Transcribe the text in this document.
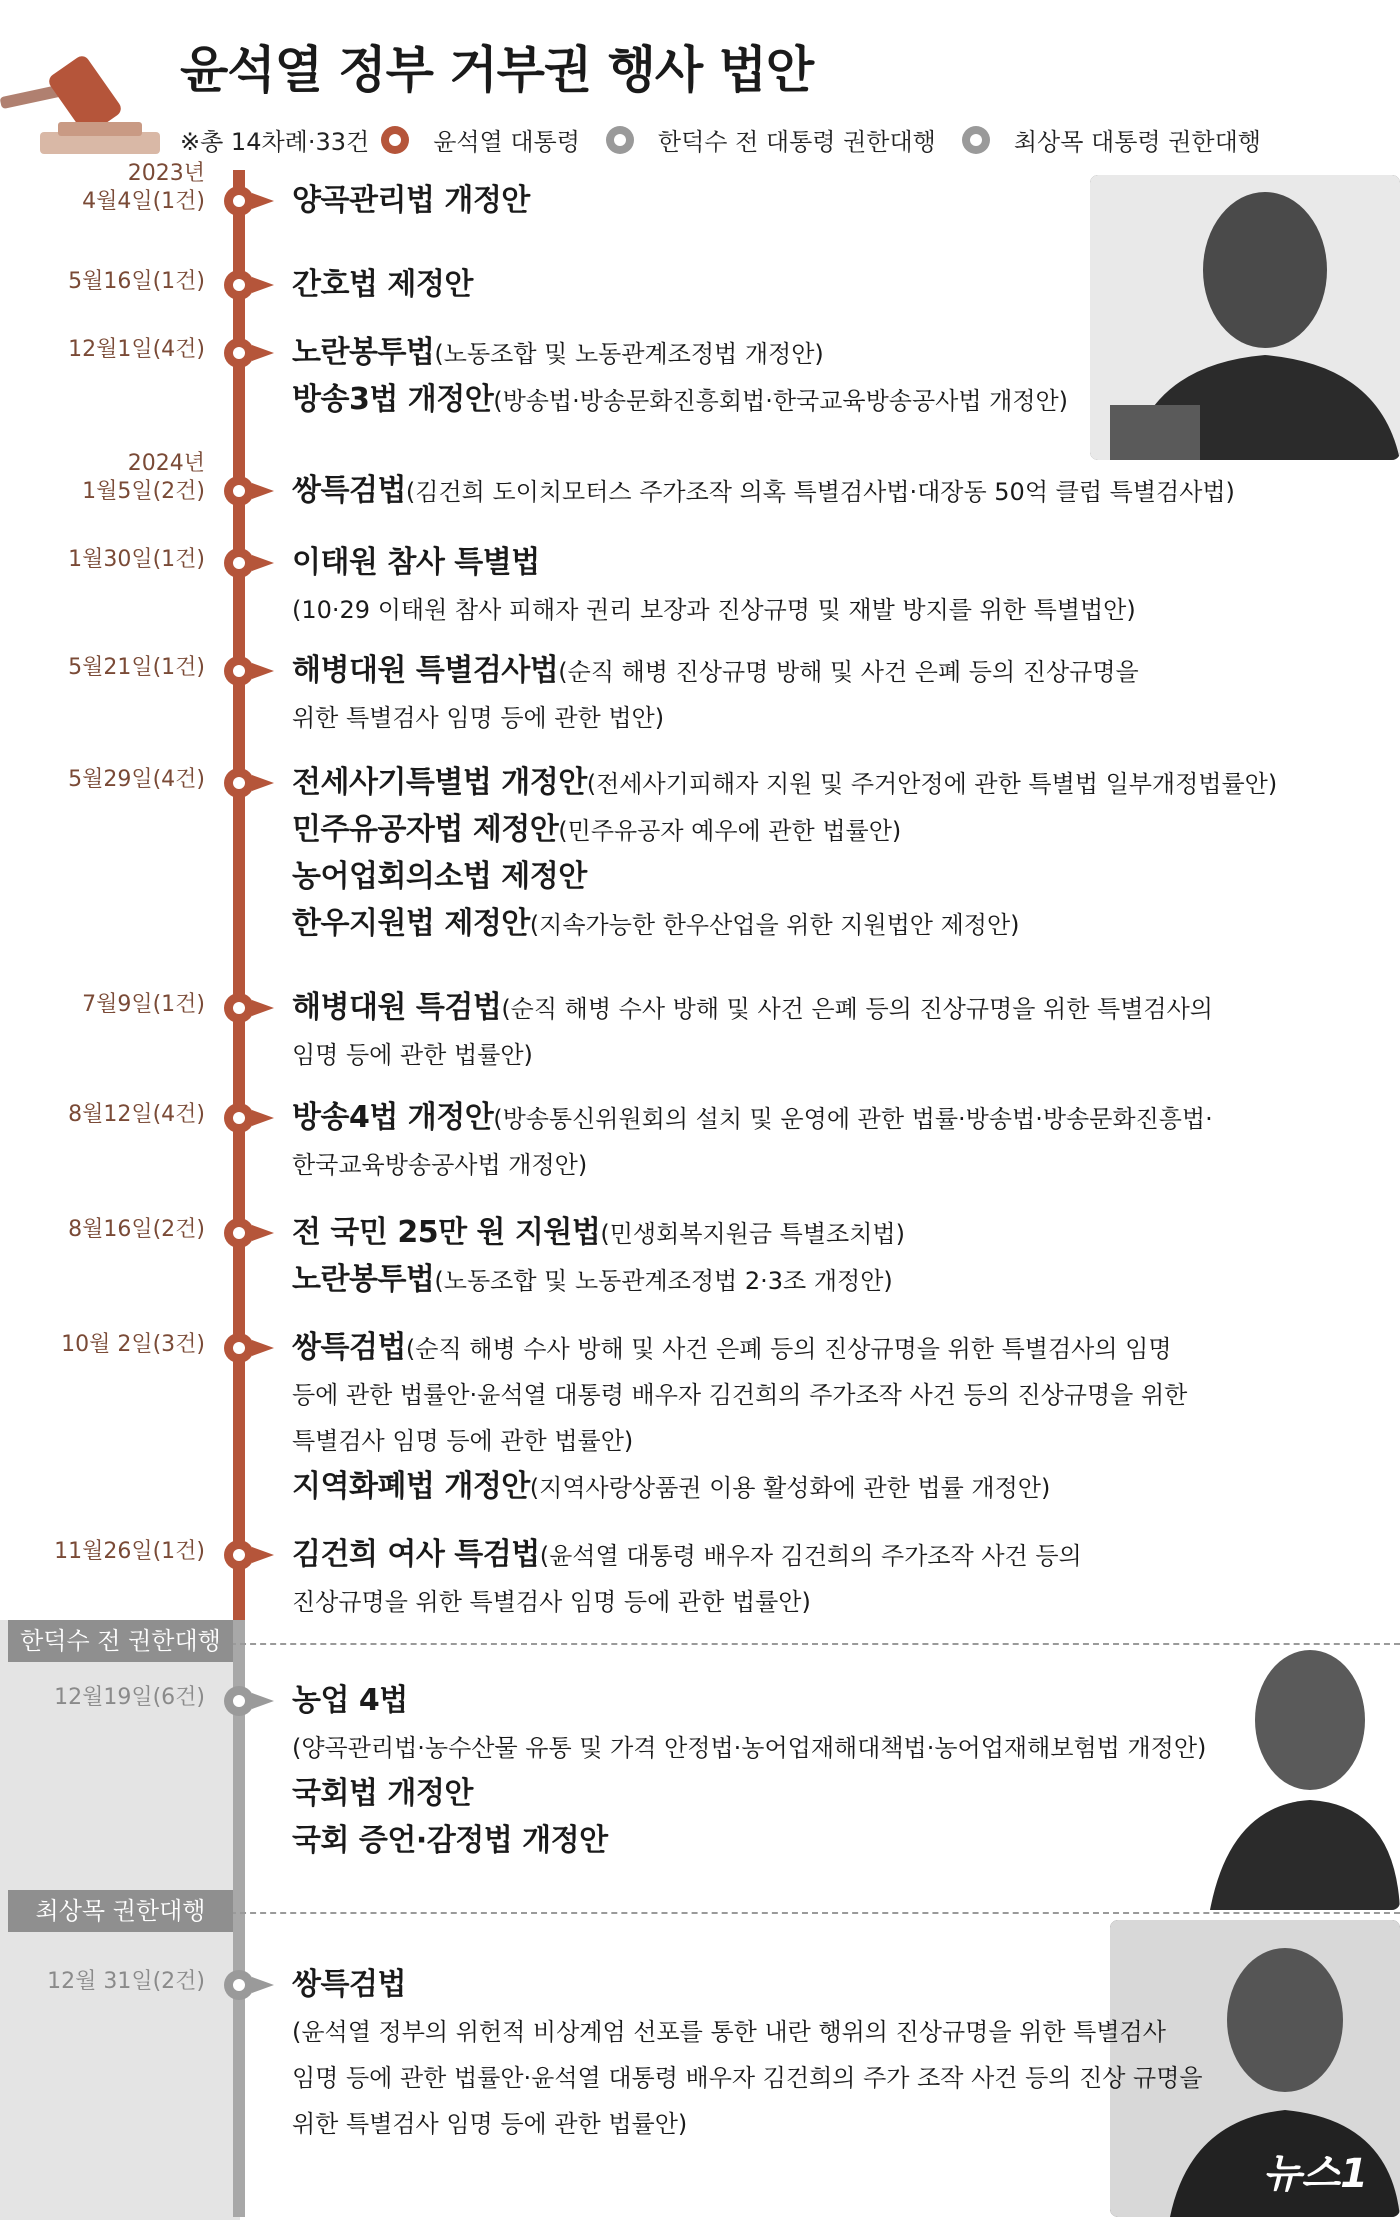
윤석열 정부 거부권 행사 법안
※총 14차례·33건	윤석열 대통령	한덕수 전 대통령 권한대행	최상목 대통령 권한대행
한덕수 전 권한대행
최상목 권한대행
뉴스1
2023년
4월4일(1건)	양곡관리법 개정안
5월16일(1건)	간호법 제정안
12월1일(4건)	노란봉투법(노동조합 및 노동관계조정법 개정안)
방송3법 개정안(방송법·방송문화진흥회법·한국교육방송공사법 개정안)
2024년
1월5일(2건)	쌍특검법(김건희 도이치모터스 주가조작 의혹 특별검사법·대장동 50억 클럽 특별검사법)
1월30일(1건)	이태원 참사 특별법
(10·29 이태원 참사 피해자 권리 보장과 진상규명 및 재발 방지를 위한 특별법안)
5월21일(1건)	해병대원 특별검사법(순직 해병 진상규명 방해 및 사건 은폐 등의 진상규명을
위한 특별검사 임명 등에 관한 법안)
5월29일(4건)	전세사기특별법 개정안(전세사기피해자 지원 및 주거안정에 관한 특별법 일부개정법률안)
민주유공자법 제정안(민주유공자 예우에 관한 법률안)
농어업회의소법 제정안
한우지원법 제정안(지속가능한 한우산업을 위한 지원법안 제정안)
7월9일(1건)	해병대원 특검법(순직 해병 수사 방해 및 사건 은폐 등의 진상규명을 위한 특별검사의
임명 등에 관한 법률안)
8월12일(4건)	방송4법 개정안(방송통신위원회의 설치 및 운영에 관한 법률·방송법·방송문화진흥법·
한국교육방송공사법 개정안)
8월16일(2건)	전 국민 25만 원 지원법(민생회복지원금 특별조치법)
노란봉투법(노동조합 및 노동관계조정법 2·3조 개정안)
10월 2일(3건)	쌍특검법(순직 해병 수사 방해 및 사건 은폐 등의 진상규명을 위한 특별검사의 임명
등에 관한 법률안·윤석열 대통령 배우자 김건희의 주가조작 사건 등의 진상규명을 위한
특별검사 임명 등에 관한 법률안)
지역화폐법 개정안(지역사랑상품권 이용 활성화에 관한 법률 개정안)
11월26일(1건)	김건희 여사 특검법(윤석열 대통령 배우자 김건희의 주가조작 사건 등의
진상규명을 위한 특별검사 임명 등에 관한 법률안)
12월19일(6건)	농업 4법
(양곡관리법·농수산물 유통 및 가격 안정법·농어업재해대책법·농어업재해보험법 개정안)
국회법 개정안
국회 증언·감정법 개정안
12월 31일(2건)	쌍특검법
(윤석열 정부의 위헌적 비상계엄 선포를 통한 내란 행위의 진상규명을 위한 특별검사
임명 등에 관한 법률안·윤석열 대통령 배우자 김건희의 주가 조작 사건 등의 진상 규명을
위한 특별검사 임명 등에 관한 법률안)
